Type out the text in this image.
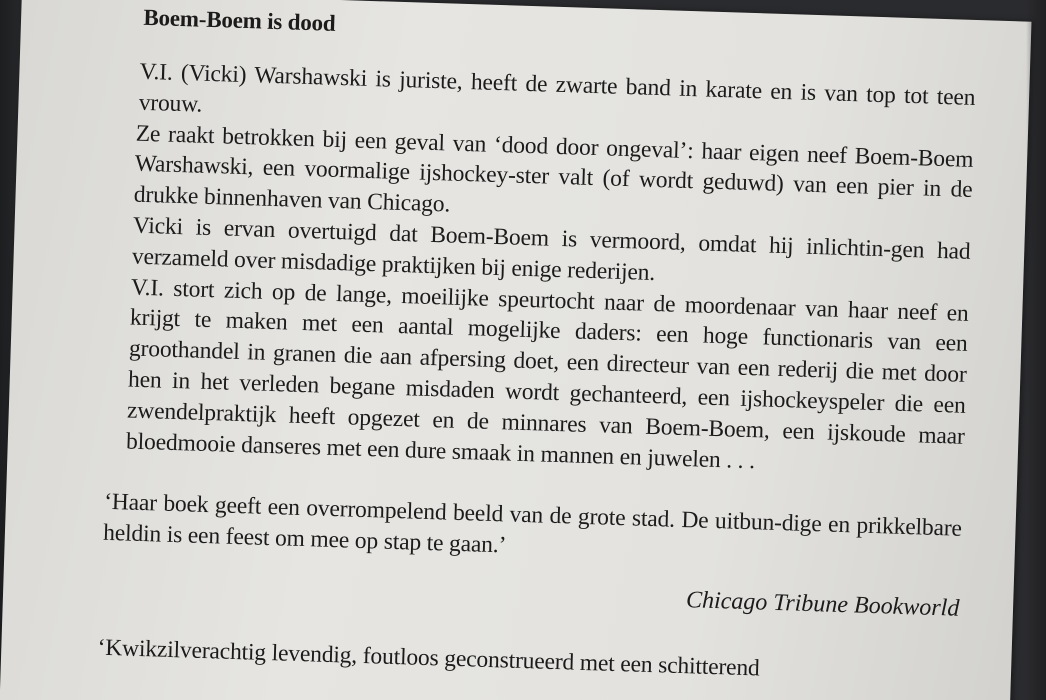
Boem-Boem is dood

V.I. (Vicki) Warshawski is juriste, heeft de zwarte band in karate en is van top tot teen vrouw.

Ze raakt betrokken bij een geval van ‘dood door ongeval’: haar eigen neef Boem-Boem Warshawski, een voormalige ijshockey-ster valt (of wordt geduwd) van een pier in de drukke binnenhaven van Chicago.

Vicki is ervan overtuigd dat Boem-Boem is vermoord, omdat hij inlichtin-gen had verzameld over misdadige praktijken bij enige rederijen.

V.I. stort zich op de lange, moeilijke speurtocht naar de moordenaar van haar neef en krijgt te maken met een aantal mogelijke daders: een hoge functionaris van een groothandel in granen die aan afpersing doet, een directeur van een rederij die met door hen in het verleden begane misdaden wordt gechanteerd, een ijshockeyspeler die een zwendelpraktijk heeft opgezet en de minnares van Boem-Boem, een ijskoude maar bloedmooie danseres met een dure smaak in mannen en juwelen . . .

‘Haar boek geeft een overrompelend beeld van de grote stad. De uitbun-dige en prikkelbare heldin is een feest om mee op stap te gaan.’
Chicago Tribune Bookworld
‘Kwikzilverachtig levendig, foutloos geconstrueerd met een schitterend
